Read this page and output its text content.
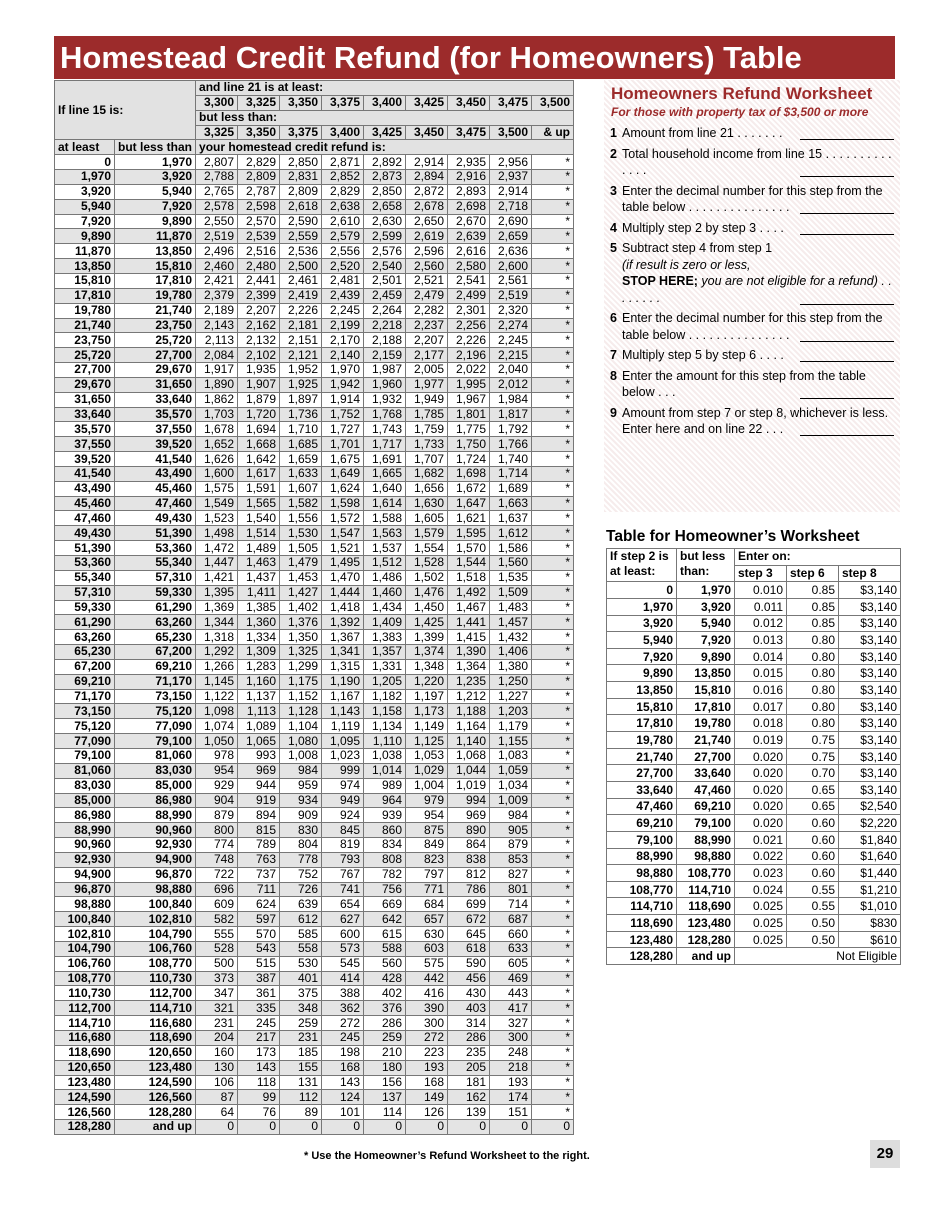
Homestead Credit Refund (for Homeowners) Table
If line 15 is:		and line 21 is at least:								
		3,300	3,325	3,350	3,375	3,400	3,425	3,450	3,475	3,500
		but less than:								
		3,325	3,350	3,375	3,400	3,425	3,450	3,475	3,500	& up
at least	but less than	your homestead credit refund is:								
0	1,970	2,807	2,829	2,850	2,871	2,892	2,914	2,935	2,956	*
1,970	3,920	2,788	2,809	2,831	2,852	2,873	2,894	2,916	2,937	*
3,920	5,940	2,765	2,787	2,809	2,829	2,850	2,872	2,893	2,914	*
5,940	7,920	2,578	2,598	2,618	2,638	2,658	2,678	2,698	2,718	*
7,920	9,890	2,550	2,570	2,590	2,610	2,630	2,650	2,670	2,690	*
9,890	11,870	2,519	2,539	2,559	2,579	2,599	2,619	2,639	2,659	*
11,870	13,850	2,496	2,516	2,536	2,556	2,576	2,596	2,616	2,636	*
13,850	15,810	2,460	2,480	2,500	2,520	2,540	2,560	2,580	2,600	*
15,810	17,810	2,421	2,441	2,461	2,481	2,501	2,521	2,541	2,561	*
17,810	19,780	2,379	2,399	2,419	2,439	2,459	2,479	2,499	2,519	*
19,780	21,740	2,189	2,207	2,226	2,245	2,264	2,282	2,301	2,320	*
21,740	23,750	2,143	2,162	2,181	2,199	2,218	2,237	2,256	2,274	*
23,750	25,720	2,113	2,132	2,151	2,170	2,188	2,207	2,226	2,245	*
25,720	27,700	2,084	2,102	2,121	2,140	2,159	2,177	2,196	2,215	*
27,700	29,670	1,917	1,935	1,952	1,970	1,987	2,005	2,022	2,040	*
29,670	31,650	1,890	1,907	1,925	1,942	1,960	1,977	1,995	2,012	*
31,650	33,640	1,862	1,879	1,897	1,914	1,932	1,949	1,967	1,984	*
33,640	35,570	1,703	1,720	1,736	1,752	1,768	1,785	1,801	1,817	*
35,570	37,550	1,678	1,694	1,710	1,727	1,743	1,759	1,775	1,792	*
37,550	39,520	1,652	1,668	1,685	1,701	1,717	1,733	1,750	1,766	*
39,520	41,540	1,626	1,642	1,659	1,675	1,691	1,707	1,724	1,740	*
41,540	43,490	1,600	1,617	1,633	1,649	1,665	1,682	1,698	1,714	*
43,490	45,460	1,575	1,591	1,607	1,624	1,640	1,656	1,672	1,689	*
45,460	47,460	1,549	1,565	1,582	1,598	1,614	1,630	1,647	1,663	*
47,460	49,430	1,523	1,540	1,556	1,572	1,588	1,605	1,621	1,637	*
49,430	51,390	1,498	1,514	1,530	1,547	1,563	1,579	1,595	1,612	*
51,390	53,360	1,472	1,489	1,505	1,521	1,537	1,554	1,570	1,586	*
53,360	55,340	1,447	1,463	1,479	1,495	1,512	1,528	1,544	1,560	*
55,340	57,310	1,421	1,437	1,453	1,470	1,486	1,502	1,518	1,535	*
57,310	59,330	1,395	1,411	1,427	1,444	1,460	1,476	1,492	1,509	*
59,330	61,290	1,369	1,385	1,402	1,418	1,434	1,450	1,467	1,483	*
61,290	63,260	1,344	1,360	1,376	1,392	1,409	1,425	1,441	1,457	*
63,260	65,230	1,318	1,334	1,350	1,367	1,383	1,399	1,415	1,432	*
65,230	67,200	1,292	1,309	1,325	1,341	1,357	1,374	1,390	1,406	*
67,200	69,210	1,266	1,283	1,299	1,315	1,331	1,348	1,364	1,380	*
69,210	71,170	1,145	1,160	1,175	1,190	1,205	1,220	1,235	1,250	*
71,170	73,150	1,122	1,137	1,152	1,167	1,182	1,197	1,212	1,227	*
73,150	75,120	1,098	1,113	1,128	1,143	1,158	1,173	1,188	1,203	*
75,120	77,090	1,074	1,089	1,104	1,119	1,134	1,149	1,164	1,179	*
77,090	79,100	1,050	1,065	1,080	1,095	1,110	1,125	1,140	1,155	*
79,100	81,060	978	993	1,008	1,023	1,038	1,053	1,068	1,083	*
81,060	83,030	954	969	984	999	1,014	1,029	1,044	1,059	*
83,030	85,000	929	944	959	974	989	1,004	1,019	1,034	*
85,000	86,980	904	919	934	949	964	979	994	1,009	*
86,980	88,990	879	894	909	924	939	954	969	984	*
88,990	90,960	800	815	830	845	860	875	890	905	*
90,960	92,930	774	789	804	819	834	849	864	879	*
92,930	94,900	748	763	778	793	808	823	838	853	*
94,900	96,870	722	737	752	767	782	797	812	827	*
96,870	98,880	696	711	726	741	756	771	786	801	*
98,880	100,840	609	624	639	654	669	684	699	714	*
100,840	102,810	582	597	612	627	642	657	672	687	*
102,810	104,790	555	570	585	600	615	630	645	660	*
104,790	106,760	528	543	558	573	588	603	618	633	*
106,760	108,770	500	515	530	545	560	575	590	605	*
108,770	110,730	373	387	401	414	428	442	456	469	*
110,730	112,700	347	361	375	388	402	416	430	443	*
112,700	114,710	321	335	348	362	376	390	403	417	*
114,710	116,680	231	245	259	272	286	300	314	327	*
116,680	118,690	204	217	231	245	259	272	286	300	*
118,690	120,650	160	173	185	198	210	223	235	248	*
120,650	123,480	130	143	155	168	180	193	205	218	*
123,480	124,590	106	118	131	143	156	168	181	193	*
124,590	126,560	87	99	112	124	137	149	162	174	*
126,560	128,280	64	76	89	101	114	126	139	151	*
128,280	and up	0	0	0	0	0	0	0	0	0
* Use the Homeowner’s Refund Worksheet to the right.	29
Homeowners Refund Worksheet
For those with property tax of $3,500 or more
1 Amount from line 21 . . . . . . .
2 Total household income from line 15 . . . . . . . . . . . . . .
3 Enter the decimal number for this step from the table below . . . . . . . . . . . . . . .
4 Multiply step 2 by step 3 . . . .
5 Subtract step 4 from step 1
(if result is zero or less,
STOP HERE; you are not eligible for a refund) . . . . . . . .
6 Enter the decimal number for this step from the table below . . . . . . . . . . . . . . .
7 Multiply step 5 by step 6 . . . .
8 Enter the amount for this step from the table below . . .
9 Amount from step 7 or step 8, whichever is less. Enter here and on line 22 . . .
Table for Homeowner’s Worksheet
If step 2 is at least:	but less than:	Enter on:		
		step 3	step 6	step 8
0	1,970	0.010	0.85	$3,140
1,970	3,920	0.011	0.85	$3,140
3,920	5,940	0.012	0.85	$3,140
5,940	7,920	0.013	0.80	$3,140
7,920	9,890	0.014	0.80	$3,140
9,890	13,850	0.015	0.80	$3,140
13,850	15,810	0.016	0.80	$3,140
15,810	17,810	0.017	0.80	$3,140
17,810	19,780	0.018	0.80	$3,140
19,780	21,740	0.019	0.75	$3,140
21,740	27,700	0.020	0.75	$3,140
27,700	33,640	0.020	0.70	$3,140
33,640	47,460	0.020	0.65	$3,140
47,460	69,210	0.020	0.65	$2,540
69,210	79,100	0.020	0.60	$2,220
79,100	88,990	0.021	0.60	$1,840
88,990	98,880	0.022	0.60	$1,640
98,880	108,770	0.023	0.60	$1,440
108,770	114,710	0.024	0.55	$1,210
114,710	118,690	0.025	0.55	$1,010
118,690	123,480	0.025	0.50	$830
123,480	128,280	0.025	0.50	$610
128,280	and up	Not Eligible		
